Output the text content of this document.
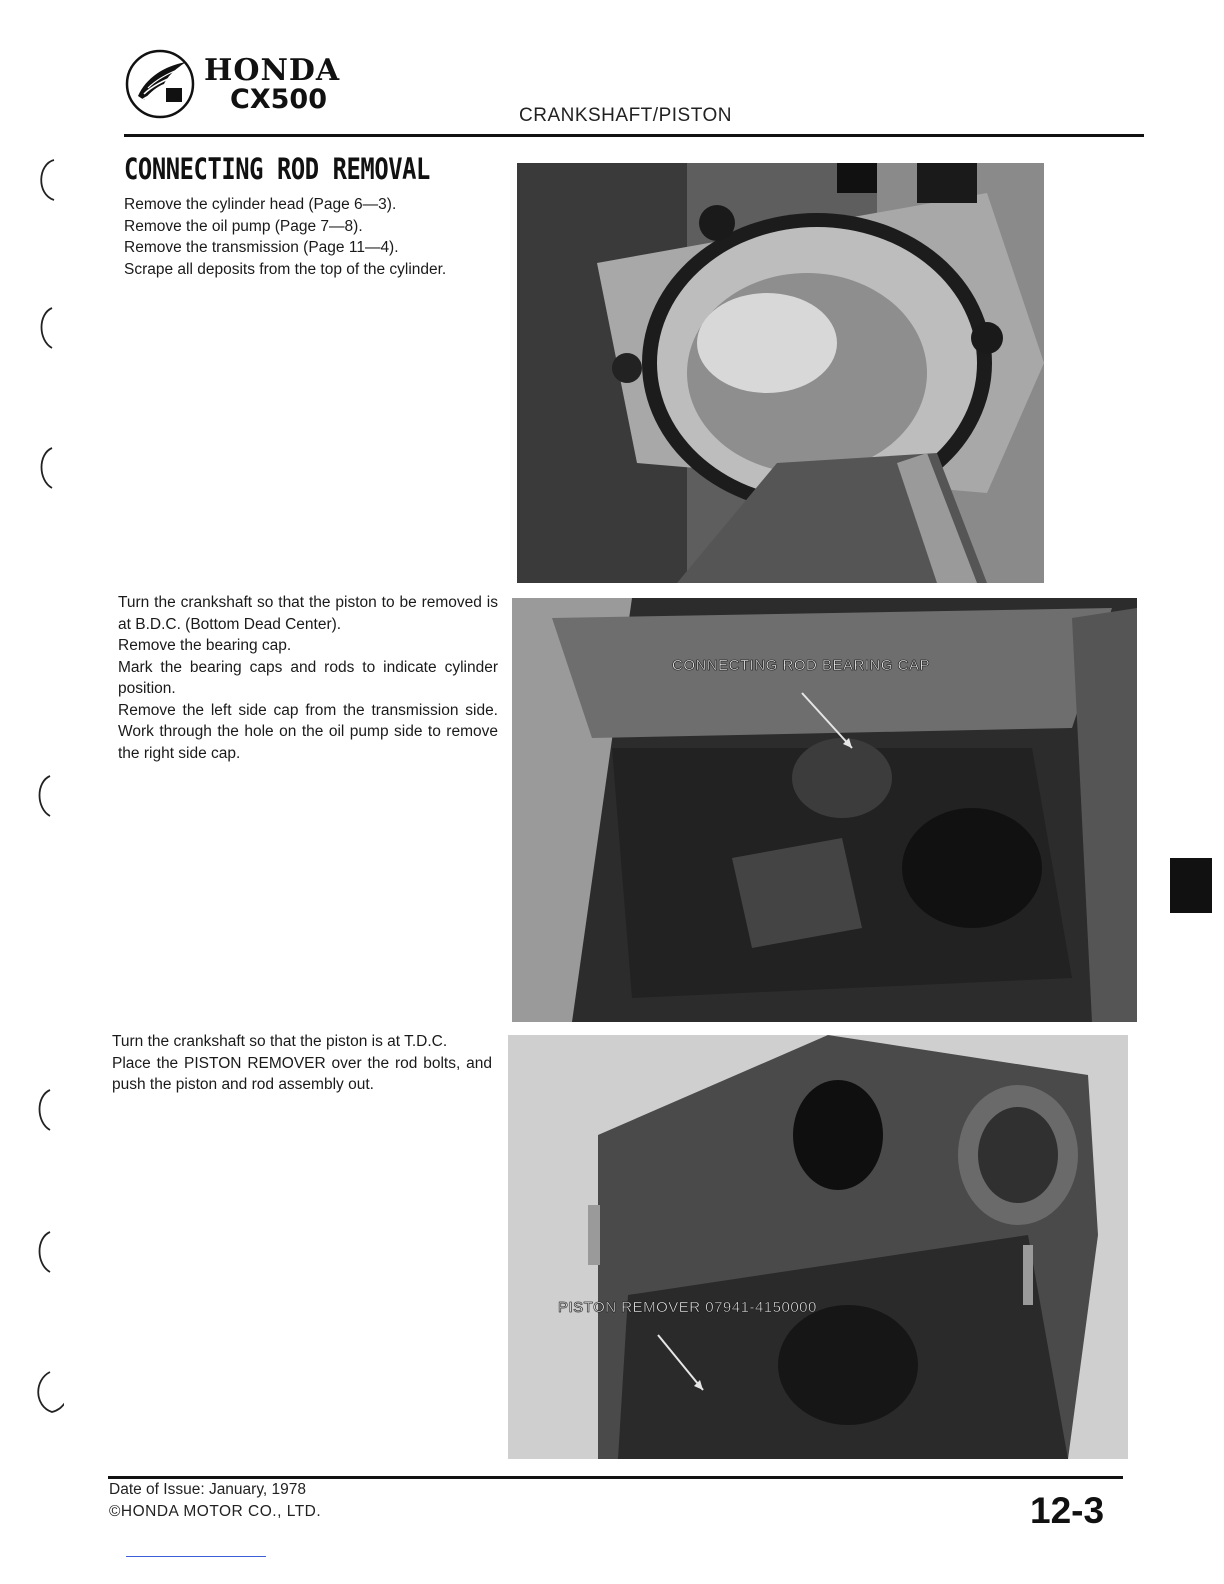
HONDA
CX500
CRANKSHAFT/PISTON
CONNECTING ROD REMOVAL

Remove the cylinder head (Page 6—3).

Remove the oil pump (Page 7—8).

Remove the transmission (Page 11—4).

Scrape all deposits from the top of the cylinder.

Turn the crankshaft so that the piston to be removed is at B.D.C. (Bottom Dead Center).

Remove the bearing cap.

Mark the bearing caps and rods to indicate cylinder position.

Remove the left side cap from the transmission side. Work through the hole on the oil pump side to remove the right side cap.

Turn the crankshaft so that the piston is at T.D.C.

Place the PISTON REMOVER over the rod bolts, and push the piston and rod assembly out.

CONNECTING ROD BEARING CAP
PISTON REMOVER 07941-4150000
Date of Issue: January, 1978
©HONDA MOTOR CO., LTD.	12-3
